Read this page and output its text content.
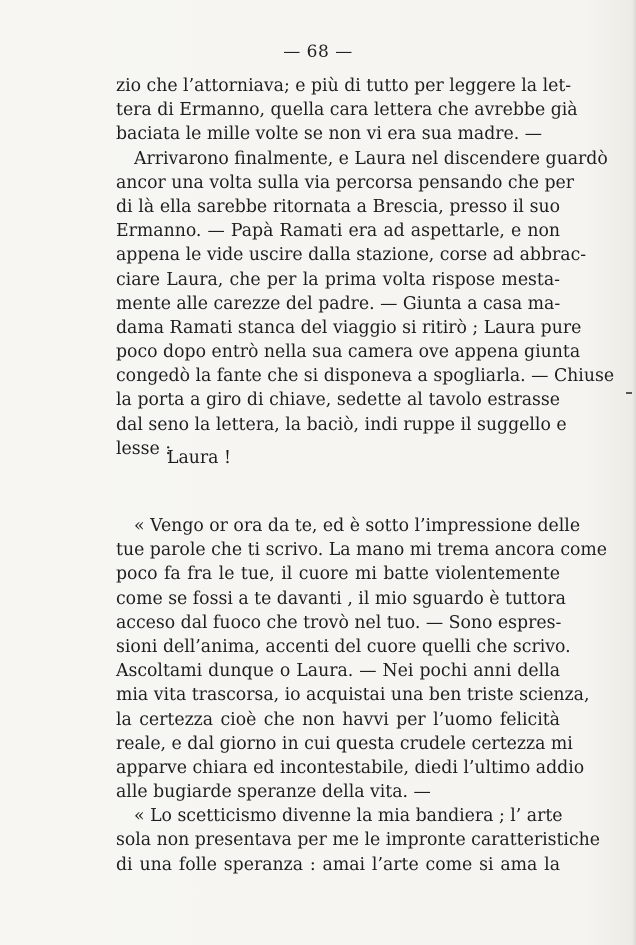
— 68 —
zio che l’attorniava; e più di tutto per leggere la let-
tera di Ermanno, quella cara lettera che avrebbe già
baciata le mille volte se non vi era sua madre. —
Arrivarono finalmente, e Laura nel discendere guardò
ancor una volta sulla via percorsa pensando che per
di là ella sarebbe ritornata a Brescia, presso il suo
Ermanno. — Papà Ramati era ad aspettarle, e non
appena le vide uscire dalla stazione, corse ad abbrac-
ciare Laura, che per la prima volta rispose mesta-
mente alle carezze del padre. — Giunta a casa ma-
dama Ramati stanca del viaggio si ritirò ; Laura pure
poco dopo entrò nella sua camera ove appena giunta
congedò la fante che si disponeva a spogliarla. — Chiuse
la porta a giro di chiave, sedette al tavolo estrasse
dal seno la lettera, la baciò, indi ruppe il suggello e
lesse :
Laura !
« Vengo or ora da te, ed è sotto l’impressione delle
tue parole che ti scrivo. La mano mi trema ancora come
poco fa fra le tue, il cuore mi batte violentemente
come se fossi a te davanti , il mio sguardo è tuttora
acceso dal fuoco che trovò nel tuo. — Sono espres-
sioni dell’anima, accenti del cuore quelli che scrivo.
Ascoltami dunque o Laura. — Nei pochi anni della
mia vita trascorsa, io acquistai una ben triste scienza,
la certezza cioè che non havvi per l’uomo felicità
reale, e dal giorno in cui questa crudele certezza mi
apparve chiara ed incontestabile, diedi l’ultimo addio
alle bugiarde speranze della vita. —
« Lo scetticismo divenne la mia bandiera ; l’ arte
sola non presentava per me le impronte caratteristiche
di una folle speranza : amai l’arte come si ama la
